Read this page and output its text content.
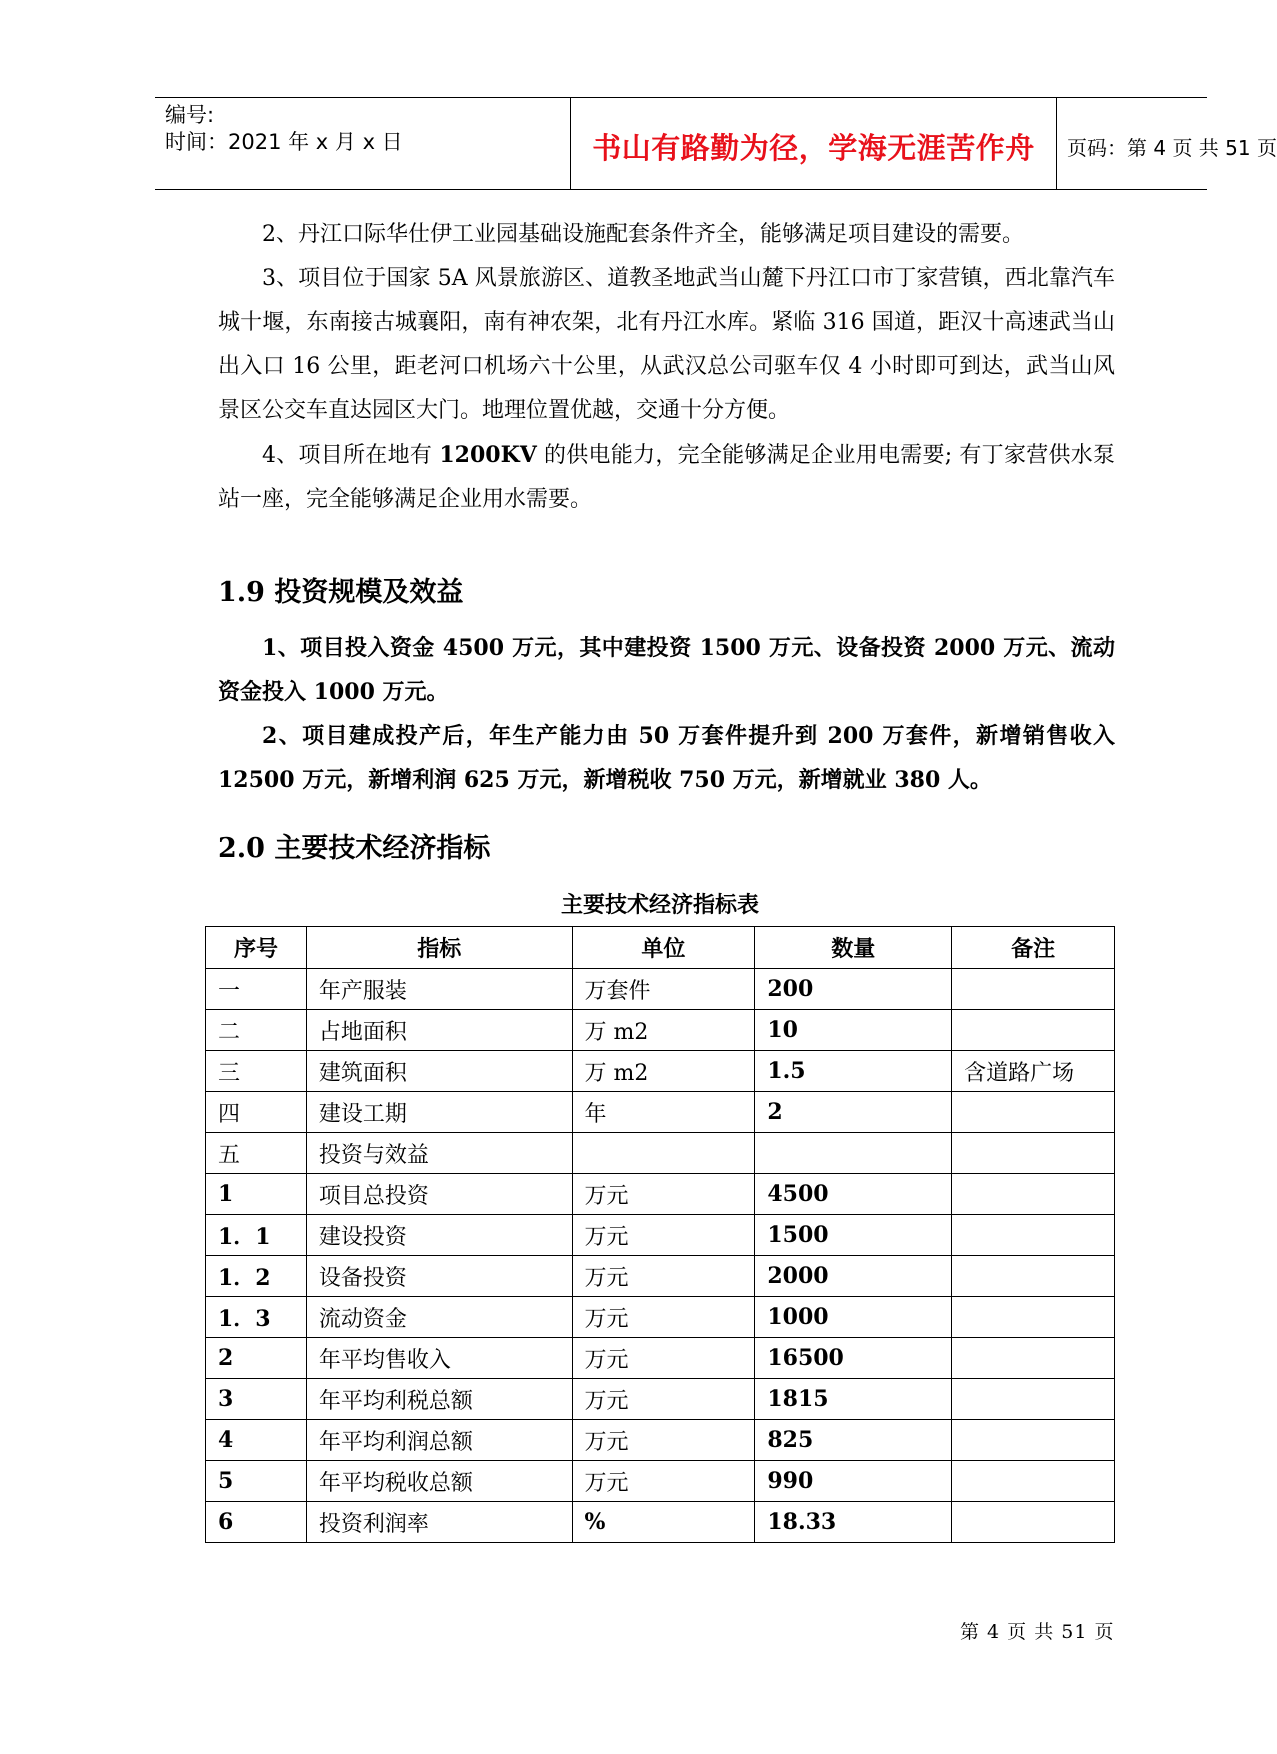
编号:
时间：2021 年 x 月 x 日	书山有路勤为径，学海无涯苦作舟	页码：第 4 页 共 51 页

2、丹江口际华仕伊工业园基础设施配套条件齐全，能够满足项目建设的需要。

3、项目位于国家 5A 风景旅游区、道教圣地武当山麓下丹江口市丁家营镇，西北靠汽车城十堰，东南接古城襄阳，南有神农架，北有丹江水库。紧临 316 国道，距汉十高速武当山出入口 16 公里，距老河口机场六十公里，从武汉总公司驱车仅 4 小时即可到达，武当山风景区公交车直达园区大门。地理位置优越，交通十分方便。

4、项目所在地有 1200KV 的供电能力，完全能够满足企业用电需要; 有丁家营供水泵站一座，完全能够满足企业用水需要。

1.9 投资规模及效益

1、项目投入资金 4500 万元，其中建投资 1500 万元、设备投资 2000 万元、流动资金投入 1000 万元。

2、项目建成投产后，年生产能力由 50 万套件提升到 200 万套件，新增销售收入 12500 万元，新增利润 625 万元，新增税收 750 万元，新增就业 380 人。

2.0 主要技术经济指标
主要技术经济指标表
序号	指标	单位	数量	备注
一	年产服装	万套件	200	
二	占地面积	万 m2	10	
三	建筑面积	万 m2	1.5	含道路广场
四	建设工期	年	2	
五	投资与效益			
1	项目总投资	万元	4500	
1．1	建设投资	万元	1500	
1．2	设备投资	万元	2000	
1．3	流动资金	万元	1000	
2	年平均售收入	万元	16500	
3	年平均利税总额	万元	1815	
4	年平均利润总额	万元	825	
5	年平均税收总额	万元	990	
6	投资利润率	%	18.33	
第 4 页 共 51 页
